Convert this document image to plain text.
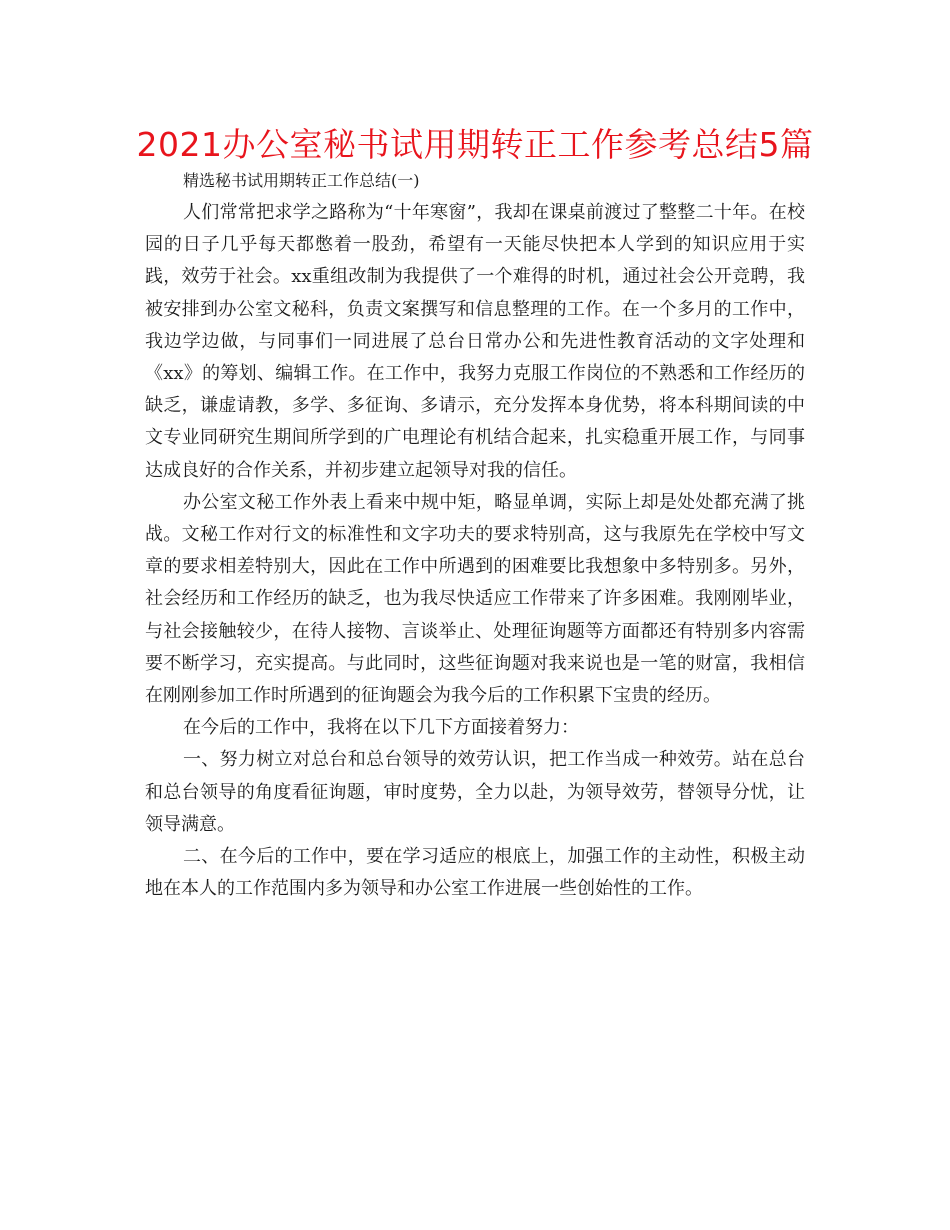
2021办公室秘书试用期转正工作参考总结5篇

精选秘书试用期转正工作总结(一)

人们常常把求学之路称为“十年寒窗”，我却在课桌前渡过了整整二十年。在校园的日子几乎每天都憋着一股劲，希望有一天能尽快把本人学到的知识应用于实践，效劳于社会。xx重组改制为我提供了一个难得的时机，通过社会公开竞聘，我被安排到办公室文秘科，负责文案撰写和信息整理的工作。在一个多月的工作中，我边学边做，与同事们一同进展了总台日常办公和先进性教育活动的文字处理和《xx》的筹划、编辑工作。在工作中，我努力克服工作岗位的不熟悉和工作经历的缺乏，谦虚请教，多学、多征询、多请示，充分发挥本身优势，将本科期间读的中文专业同研究生期间所学到的广电理论有机结合起来，扎实稳重开展工作，与同事达成良好的合作关系，并初步建立起领导对我的信任。

办公室文秘工作外表上看来中规中矩，略显单调，实际上却是处处都充满了挑战。文秘工作对行文的标准性和文字功夫的要求特别高，这与我原先在学校中写文章的要求相差特别大，因此在工作中所遇到的困难要比我想象中多特别多。另外，社会经历和工作经历的缺乏，也为我尽快适应工作带来了许多困难。我刚刚毕业，与社会接触较少，在待人接物、言谈举止、处理征询题等方面都还有特别多内容需要不断学习，充实提高。与此同时，这些征询题对我来说也是一笔的财富，我相信在刚刚参加工作时所遇到的征询题会为我今后的工作积累下宝贵的经历。

在今后的工作中，我将在以下几下方面接着努力：

一、努力树立对总台和总台领导的效劳认识，把工作当成一种效劳。站在总台和总台领导的角度看征询题，审时度势，全力以赴，为领导效劳，替领导分忧，让领导满意。

二、在今后的工作中，要在学习适应的根底上，加强工作的主动性，积极主动地在本人的工作范围内多为领导和办公室工作进展一些创始性的工作。
